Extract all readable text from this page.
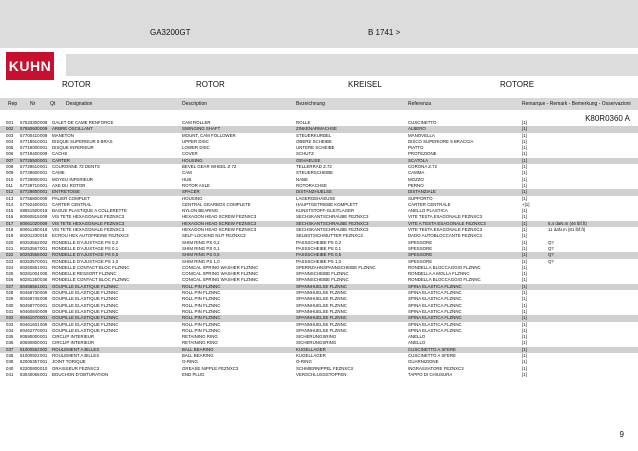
GA3200GT	B 1741 >
KUHN
K80R0360 A
ROTOR	ROTOR	KREISEL	ROTORE
Rep	Nr	Qt Designation	Description	Bezeichnung	Referenza	Remarque - Remark - Bemerkung - Osservazioni
001 57533300 009 GALET DE CAME RENFORCE	CAM ROLLER	ROLLE	CUSCINETTO	[1]
002 57550600 009 ARBRE OSCILLANT	SWINGING SHAFT	ZINKENARMACHSE	ALBERO	[1]
003 57700410 009 MANETON	MOUNT, CAM FOLLOWER	STEUERKURBEL	MANOVELLA	[1]
004 57718910 001 DISQUE SUPERIEUR 9 BRAS	UPPER DISC	OBERE SCHEIBE	DISCO SUPERIORE 9 BRACCIA	[1]
005 57719000 001 DISQUE INFERIEUR	LOWER DISC	UNTERE SCHEIBE	PIATTO	[1]
006 57719400 009 CACHE	COVER	SCHUTZ	PROTEZIONE	[1]
007 57725500 001 CARTER	HOUSING	GEHAEUSE	SCATOLA	[1]
008 57729610 001 COURONNE 72 DENTS	BEVEL GEAR WHEEL Z 72	TELLERRAD Z.72	CORONA Z.72	[1]
009 57729600 001 CAME	CAM	STEUERSCHEIBE	CAMMA	[1]
010 57729900 001 MOYEU INFERIEUR	HUB	NABE	MOZZO	[1]
011 57729710 001 AXE DU ROTOR	ROTOR AXLE	ROTORACHSE	PERNO	[1]
012 57729800 001 ENTRETOISE	SPACER	DISTANZHUELSE	DISTANZIALE	[1]
013 57755800 009 PALIER COMPLET	HOUSING	LAGERGEHAEUSE	SUPPORTO	[1]
014 57762400 001 CARTER CENTRAL	CENTRAL GEARBOX COMPLETE	HAUPTGETRIEBE KOMPLETT	CARTER CENTRALE	+[1]
015 58551500 018 BAGUE PLASTIQUE A COLLERETTE	NYLON BEARING	KUNSTSTOFF-GLEITLAGER	ANELLO PLASTICA	[1]
016 80060815 008 VIS TETE HEXAGONALE FEZNXC3	HEXAGON HEAD SCREW FEZNXC3	SECHSKANTSCHRAUBE FEZNXC3	VITE TESTA ESAGONALE FEZNXC3	[1]
017 80061020 009 VIS TETE HEXAGONALE FEZNXC3	HEXAGON HEAD SCREW FEZNXC3	SECHSKANTSCHRAUBE FEZNXC3	VITE A TESTA ESAGONALE FEZNXC3	[1]	6,4 daN.m (46 lbf.ft)
018 80061280 018 VIS TETE HEXAGONALE FEZNXC3	HEXAGON HEAD SCREW FEZNXC3	SECHSKANTSCHRAUBE FEZNXC3	VITE TESTA ESAGONALE FEZNXC3	[1]	11 daN.m (81 lbf.ft)
019 80201230 018 ECROU HEX AUTOFREINE FEZNXC3	SELF-LOCKING NUT FEZNXC3	SELBSTSICHMUTTER FEZNXC3	DADO AUTOBLOCCANTE FEZNXC3	[1]
020 80253562 002 RONDELLE D'AJUSTAGE PS 0,2	SHIM RING PS 0,2	PASSSCHEIBE PS 0,2	SPESSORE	[1]	Q?
021 80253567 001 RONDELLE D'AJUSTAGE PS 0,1	SHIM RING PS 0,1	PASSSCHEIBE PS 0,1	SPESSORE	[1]	Q?
022 80253568 002 RONDELLE D'AJUSTAGE PS 0,5	SHIM RING PS 0,5	PASSSCHEIBE PS 0,5	SPESSORE	[1]	Q?
023 80253570 001 RONDELLE D'AJUSTAGE PS 1,0	SHIM RING PS 1,0	PASSSCHEIBE PS 1,0	SPESSORE	[1]	Q?
024 80260851 001 RONDELLE CONTACT BLOC FLZNNC	CONICAL SPRING WASHER FLZNNC	SPERRZAHNSPANNSCHEIBE FLZNNC	RONDELLA BLOCCAGGIO FLZNNC	[1]
025 80281004 008 RONDELLE RESSORT FLZNNC	CONICAL SPRING WASHER FLZNNC	SPANNSCHEIBE FLZNNC	RONDELLA A MOLLA FLZNNC	[1]
026 80281250 036 RONDELLE CONTACT BLOC FLZNNC	CONICAL SPRING WASHER FLZNNC	SPANNSCHEIBE FLZNNC	RONDELLA BLOCCAGGIO FLZNNC	[1]
027 80458561 001 GOUPILLE ELASTIQUE FLZNNC	ROLL PIN FLZNNC	SPANNHUELSE FLZNNC	SPINA ELASTICA FLZNNC	[1]
028 80458730 009 GOUPILLE ELASTIQUE FLZNNC	ROLL PIN FLZNNC	SPANNHUELSE FLZNNC	SPINA ELASTICA FLZNNC	[1]
029 80458745 009 GOUPILLE ELASTIQUE FLZNNC	ROLL PIN FLZNNC	SPANNHUELSE FLZNNC	SPINA ELASTICA FLZNNC	[1]
030 80458770 001 GOUPILLE ELASTIQUE FLZNNC	ROLL PIN FLZNNC	SPANNHUELSE FLZNNC	SPINA ELASTICA FLZNNC	[1]
031 80460840 009 GOUPILLE ELASTIQUE FLZNNC	ROLL PIN FLZNNC	SPANNHUELSE FLZNNC	SPINA ELASTICA FLZNNC	[1]
032 80461070 001 GOUPILLE ELASTIQUE FLZNNC	ROLL PIN FLZNNC	SPANNHUELSE FLZNNC	SPINA ELASTICA FLZNNC	[1]
033 80461601 009 GOUPILLE ELASTIQUE FLZNNC	ROLL PIN FLZNNC	SPANNHUELSE FLZNNC	SPINA ELASTICA FLZNNC	[1]
034 80462770 001 GOUPILLE ELASTIQUE FLZNNC	ROLL PIN FLZNNC	SPANNHUELSE FLZNNC	SPINA ELASTICA FLZNNC	[1]
035 80590000 001 CIRCLIP INTERIEUR	RETAINING RING	SICHERUNGSRING	ANELLO	[1]
036 80590800 001 CIRCLIP INTERIEUR	RETAINING RING	SICHERUNGSRING	ANELLO	[1]
037 81000562 002 ROULEMENT A BILLES	BALL BEARING	KUGELLAGER	CUSCINETTO A SFERE	[1]
038 81000502 001 ROULEMENT A BILLES	BALL BEARING	KUGELLAGER	CUSCINETTO A SFERE	[1]
039 82005357 001 JOINT TORIQUE	O-RING	O-RING	GUARNIZIONE	[1]
040 82200800 010 GRAISSEUR FEZNXC3	GREASE NIPPLE FEZNXC3	SCHMIERNIPPEL FEZNXC3	INGRASSATORE FEZNXC3	[1]
041 83040065 001 BOUCHON D'OBTURATION	END PLUG	VERSCHLUSSSTOPFEN	TAPPO DI CHIUSURA	[1]
9
